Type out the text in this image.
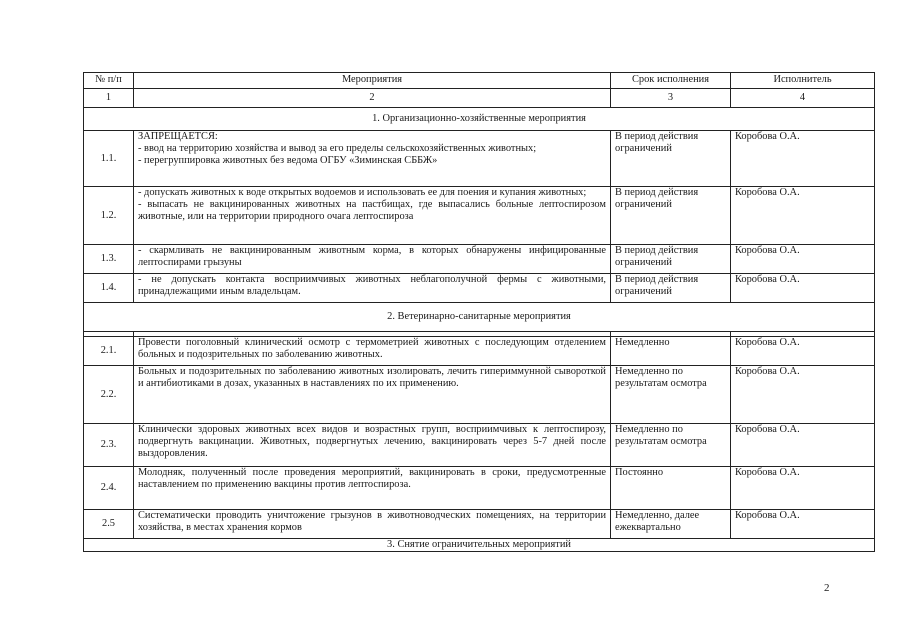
№ п/п	Мероприятия	Срок исполнения	Исполнитель
1	2	3	4
1. Организационно-хозяйственные мероприятия			
1.1.	ЗАПРЕЩАЕТСЯ:
- ввод на территорию хозяйства и вывод за его пределы сельскохозяйственных животных;
- перегруппировка животных без ведома ОГБУ «Зиминская СББЖ»	В период действия ограничений	Коробова О.А.
1.2.	- допускать животных к воде открытых водоемов и использовать ее для поения и купания животных;
- выпасать не вакцинированных животных на пастбищах, где выпасались больные лептоспирозом животные, или на территории природного очага лептоспироза	В период действия ограничений	Коробова О.А.
1.3.	- скармливать не вакцинированным животным корма, в которых обнаружены инфицированные лептоспирами грызуны	В период действия ограничений	Коробова О.А.
1.4.	- не допускать контакта восприимчивых животных неблагополучной фермы с животными, принадлежащими иным владельцам.	В период действия ограничений	Коробова О.А.
2. Ветеринарно-санитарные мероприятия			

2.1.	Провести поголовный клинический осмотр с термометрией животных с последующим отделением больных и подозрительных по заболеванию животных.	Немедленно	Коробова О.А.
2.2.	Больных и подозрительных по заболеванию животных изолировать, лечить гипериммунной сывороткой и антибиотиками в дозах, указанных в наставлениях по их применению.	Немедленно по результатам осмотра	Коробова О.А.
2.3.	Клинически здоровых животных всех видов и возрастных групп, восприимчивых к лептоспирозу, подвергнуть вакцинации. Животных, подвергнутых лечению, вакцинировать через 5-7 дней после выздоровления.	Немедленно по результатам осмотра	Коробова О.А.
2.4.	Молодняк, полученный после проведения мероприятий, вакцинировать в сроки, предусмотренные наставлением по применению вакцины против лептоспироза.	Постоянно	Коробова О.А.
2.5	Систематически проводить уничтожение грызунов в животноводческих помещениях, на территории хозяйства, в местах хранения кормов	Немедленно, далее ежеквартально	Коробова О.А.
3. Снятие ограничительных мероприятий			
2
